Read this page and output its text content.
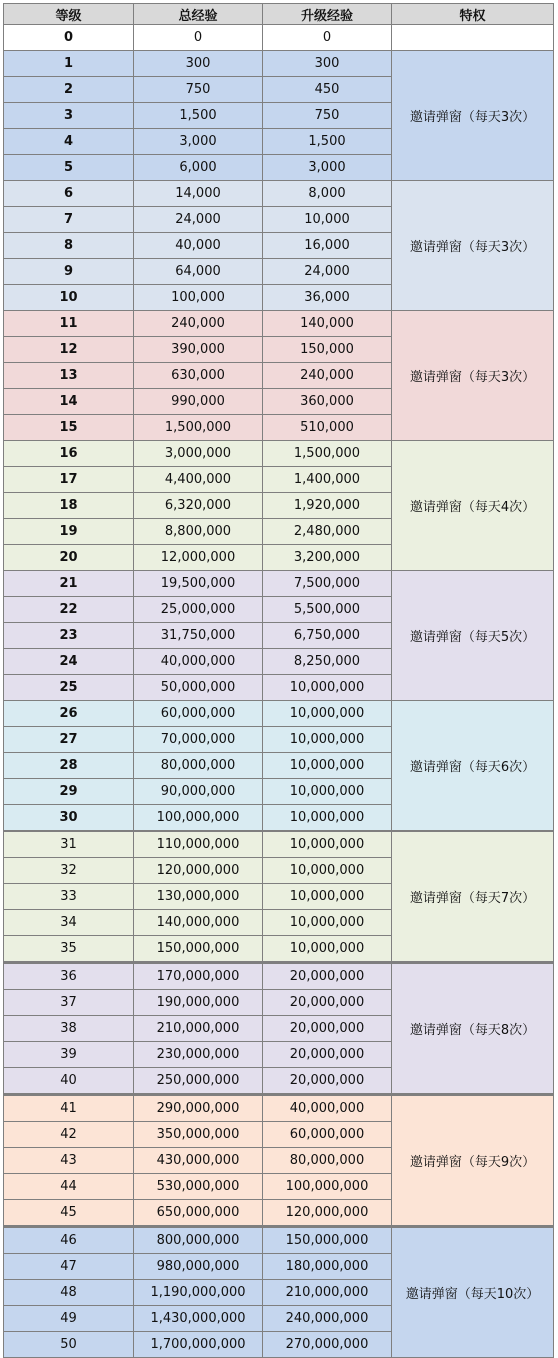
等级	总经验	升级经验	特权
0	0	0	
1	300	300	邀请弹窗（每天3次）
2	750	450	
3	1,500	750	
4	3,000	1,500	
5	6,000	3,000	
6	14,000	8,000	邀请弹窗（每天3次）
7	24,000	10,000	
8	40,000	16,000	
9	64,000	24,000	
10	100,000	36,000	
11	240,000	140,000	邀请弹窗（每天3次）
12	390,000	150,000	
13	630,000	240,000	
14	990,000	360,000	
15	1,500,000	510,000	
16	3,000,000	1,500,000	邀请弹窗（每天4次）
17	4,400,000	1,400,000	
18	6,320,000	1,920,000	
19	8,800,000	2,480,000	
20	12,000,000	3,200,000	
21	19,500,000	7,500,000	邀请弹窗（每天5次）
22	25,000,000	5,500,000	
23	31,750,000	6,750,000	
24	40,000,000	8,250,000	
25	50,000,000	10,000,000	
26	60,000,000	10,000,000	邀请弹窗（每天6次）
27	70,000,000	10,000,000	
28	80,000,000	10,000,000	
29	90,000,000	10,000,000	
30	100,000,000	10,000,000	
31	110,000,000	10,000,000	邀请弹窗（每天7次）
32	120,000,000	10,000,000	
33	130,000,000	10,000,000	
34	140,000,000	10,000,000	
35	150,000,000	10,000,000	
36	170,000,000	20,000,000	邀请弹窗（每天8次）
37	190,000,000	20,000,000	
38	210,000,000	20,000,000	
39	230,000,000	20,000,000	
40	250,000,000	20,000,000	
41	290,000,000	40,000,000	邀请弹窗（每天9次）
42	350,000,000	60,000,000	
43	430,000,000	80,000,000	
44	530,000,000	100,000,000	
45	650,000,000	120,000,000	
46	800,000,000	150,000,000	邀请弹窗（每天10次）
47	980,000,000	180,000,000	
48	1,190,000,000	210,000,000	
49	1,430,000,000	240,000,000	
50	1,700,000,000	270,000,000	
